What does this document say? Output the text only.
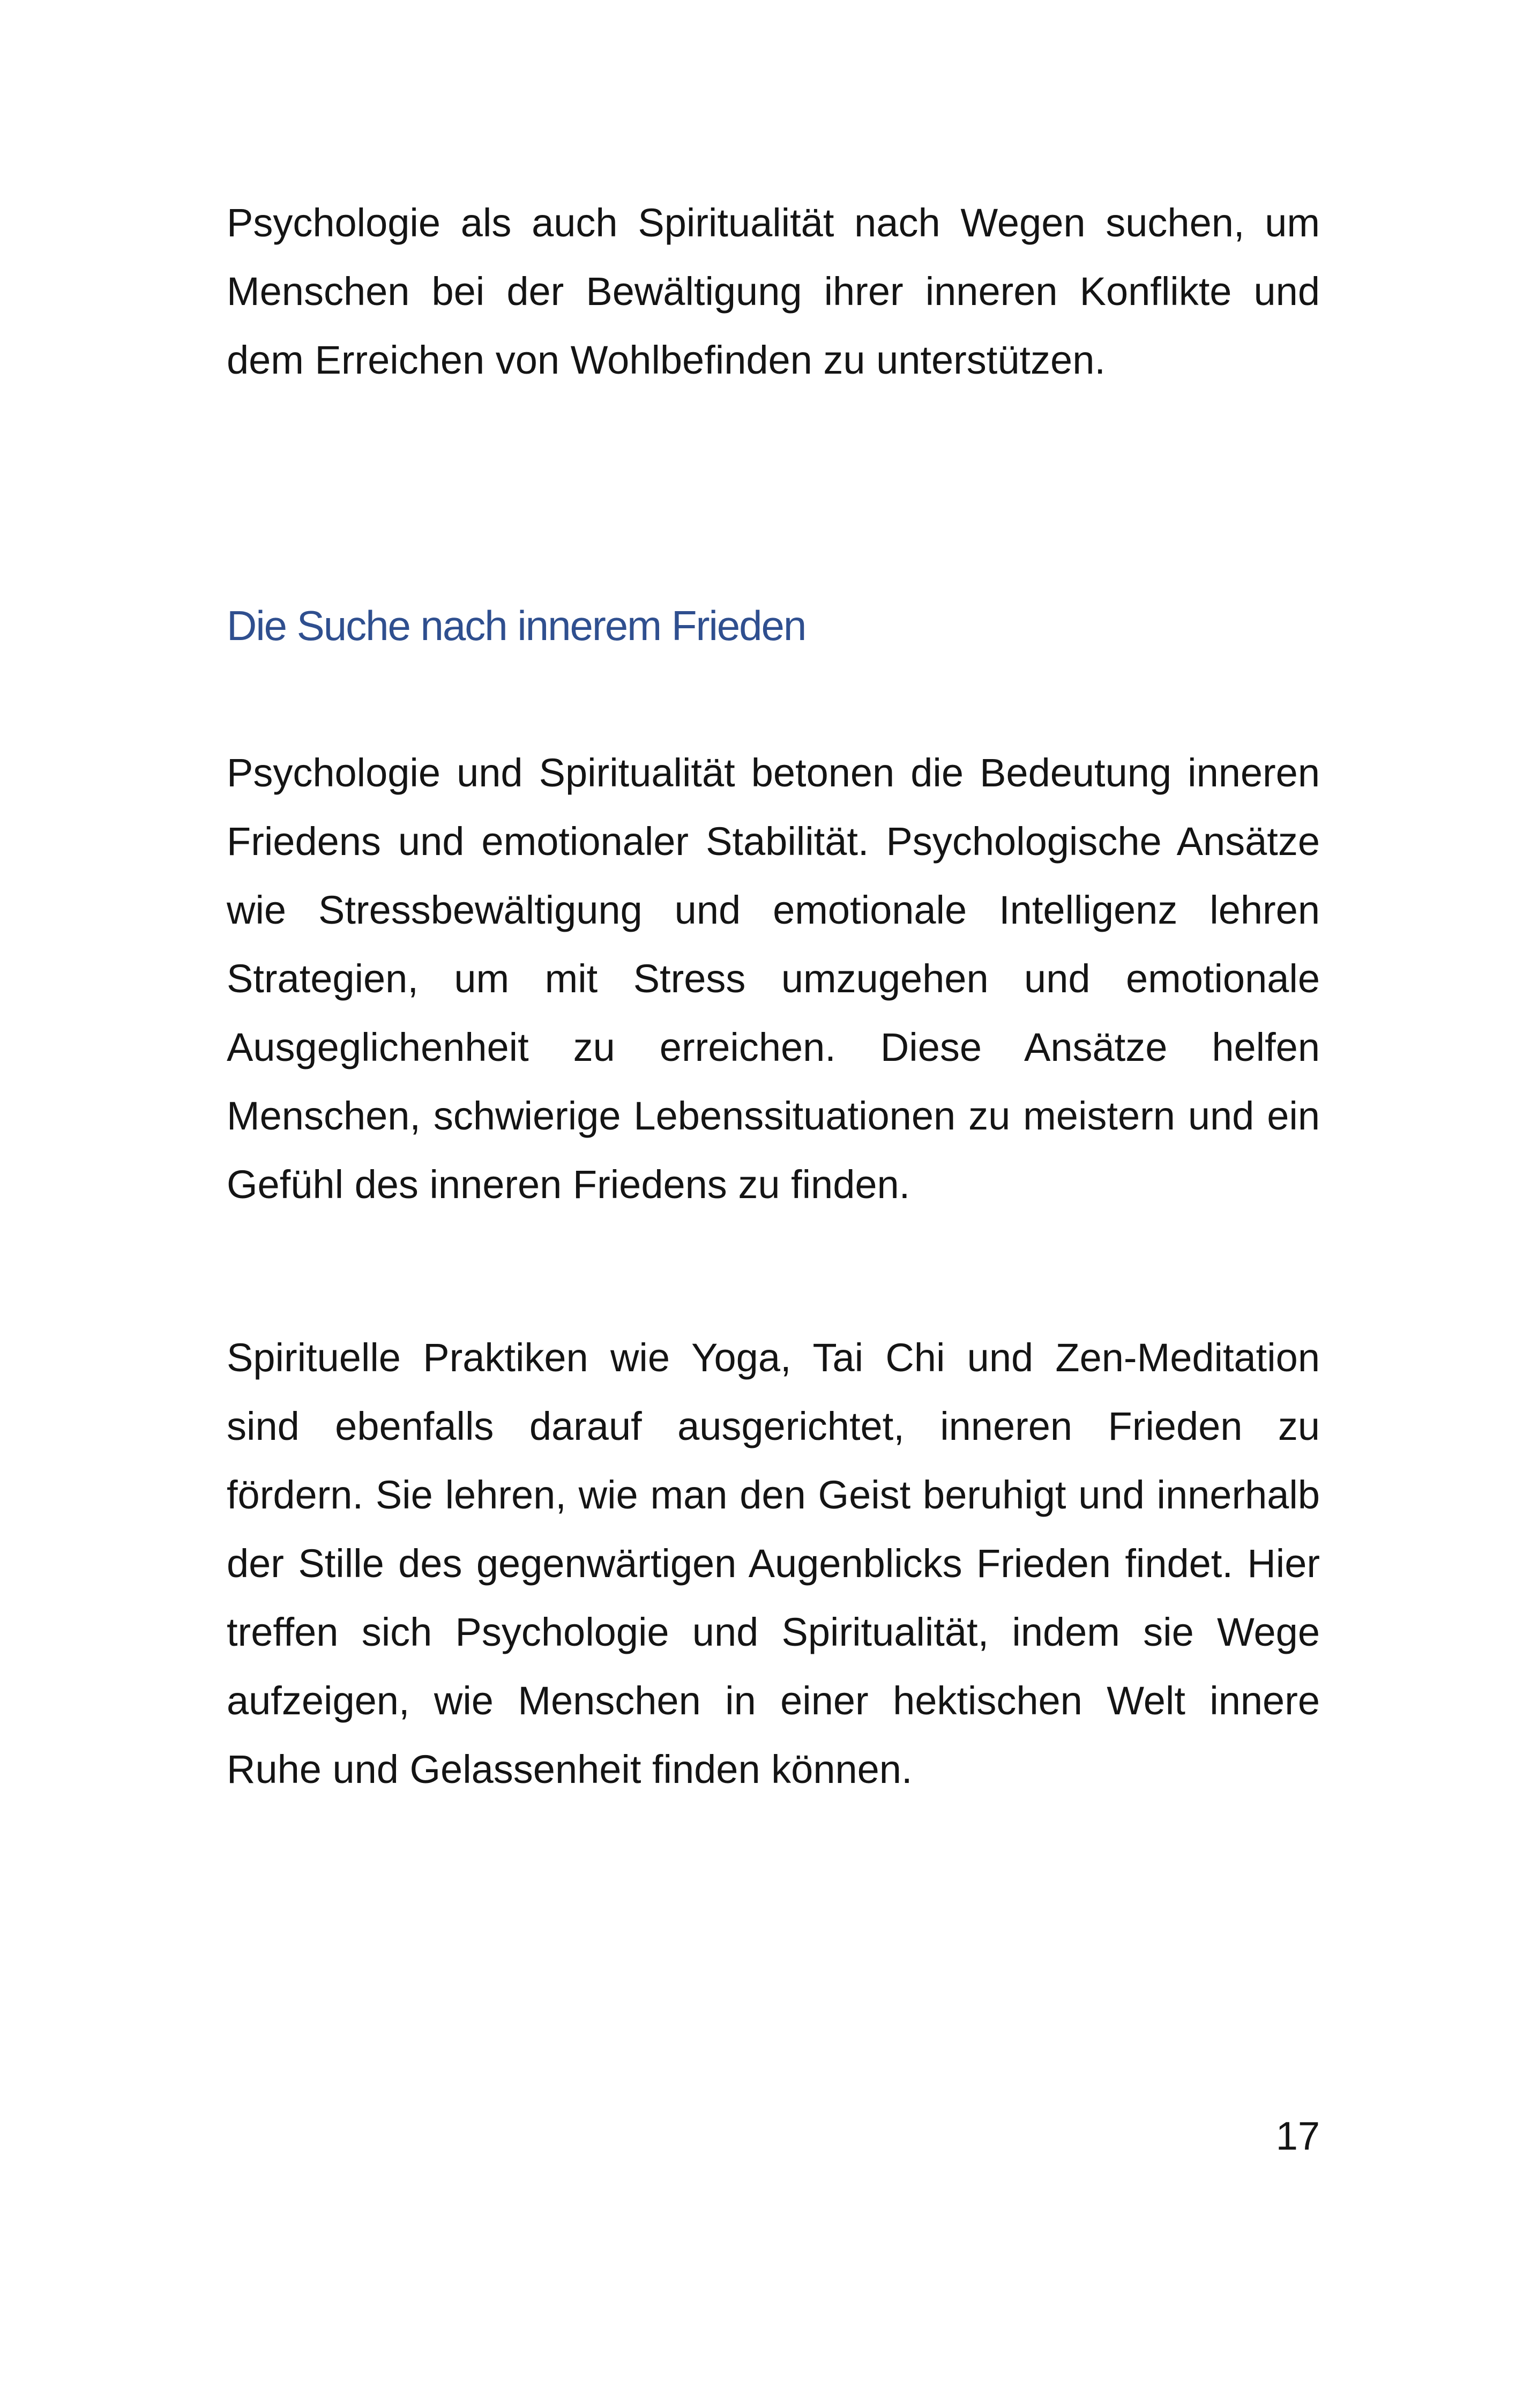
Psychologie als auch Spiritualität nach Wegen suchen, um Menschen bei der Bewältigung ihrer inneren Konflikte und dem Erreichen von Wohlbefinden zu unterstützen.

Die Suche nach innerem Frieden

Psychologie und Spiritualität betonen die Bedeutung inneren Friedens und emotionaler Stabilität. Psychologische Ansätze wie Stressbewältigung und emotionale Intelligenz lehren Strategien, um mit Stress umzugehen und emotionale Ausgeglichenheit zu erreichen. Diese Ansätze helfen Menschen, schwierige Lebenssituationen zu meistern und ein Gefühl des inneren Friedens zu finden.

Spirituelle Praktiken wie Yoga, Tai Chi und Zen-Meditation sind ebenfalls darauf ausgerichtet, inneren Frieden zu fördern. Sie lehren, wie man den Geist beruhigt und innerhalb der Stille des gegenwärtigen Augenblicks Frieden findet. Hier treffen sich Psychologie und Spiritualität, indem sie Wege aufzeigen, wie Menschen in einer hektischen Welt innere Ruhe und Gelassenheit finden können.

17
